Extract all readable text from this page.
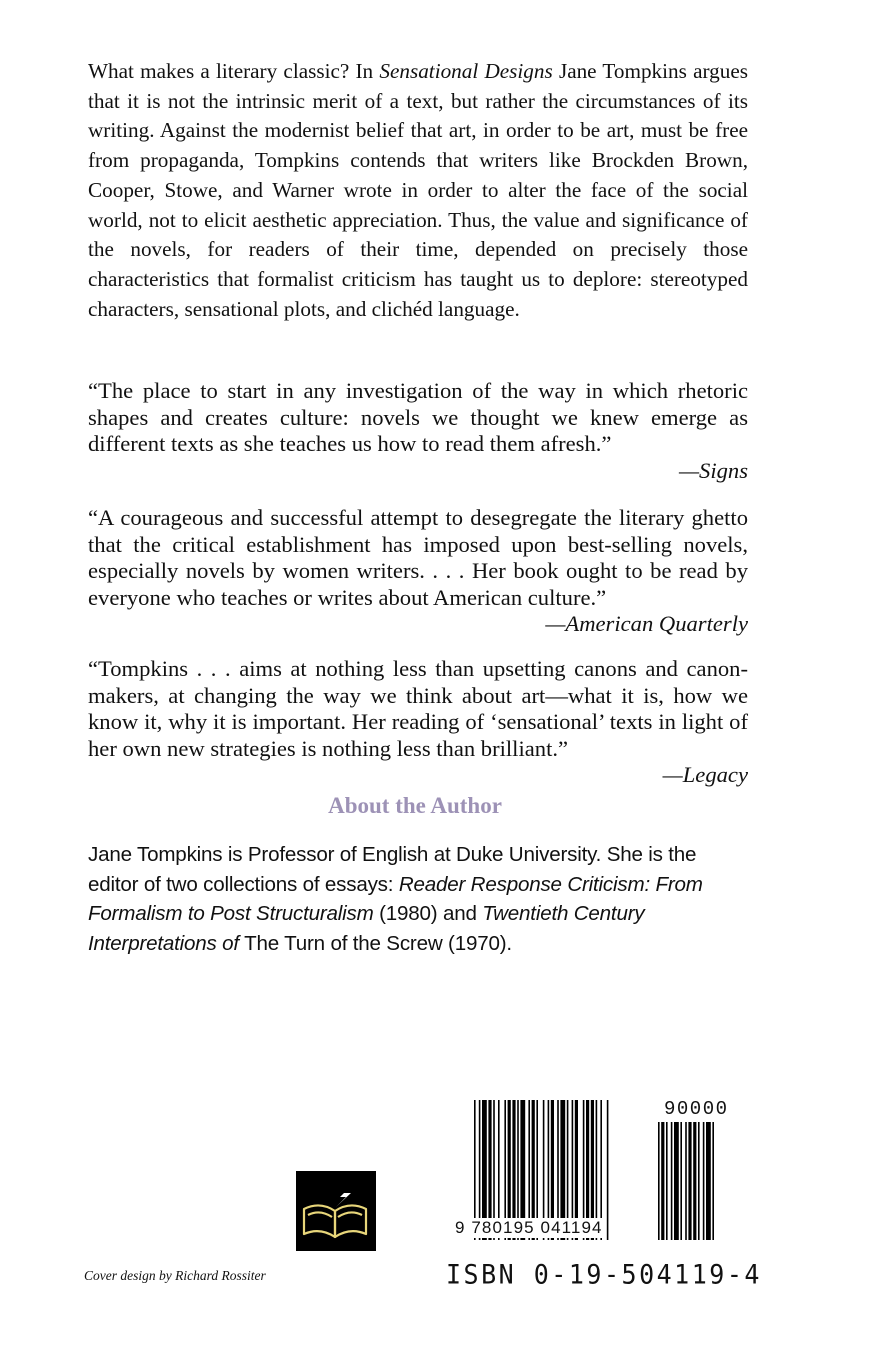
What makes a literary classic? In Sensational Designs Jane Tompkins argues that it is not the intrinsic merit of a text, but rather the circumstances of its writing. Against the modernist belief that art, in order to be art, must be free from propaganda, Tompkins contends that writers like Brockden Brown, Cooper, Stowe, and Warner wrote in order to alter the face of the social world, not to elicit aesthetic appreciation. Thus, the value and significance of the novels, for readers of their time, depended on precisely those characteristics that formalist criticism has taught us to deplore: stereotyped characters, sensational plots, and clichéd language.
“The place to start in any investigation of the way in which rhetoric shapes and creates culture: novels we thought we knew emerge as different texts as she teaches us how to read them afresh.”
—Signs
“A courageous and successful attempt to desegregate the literary ghetto that the critical establishment has imposed upon best-selling novels, especially novels by women writers. . . . Her book ought to be read by everyone who teaches or writes about American culture.”
—American Quarterly
“Tompkins . . . aims at nothing less than upsetting canons and canon-makers, at changing the way we think about art—what it is, how we know it, why it is important. Her reading of ‘sensational’ texts in light of her own new strategies is nothing less than brilliant.”
—Legacy
About the Author
Jane Tompkins is Professor of English at Duke University. She is the editor of two collections of essays: Reader Response Criticism: From Formalism to Post Structuralism (1980) and Twentieth Century Interpretations of The Turn of the Screw (1970).
Cover design by Richard Rossiter
9 780195 041194
90000
ISBN 0-19-504119-4
